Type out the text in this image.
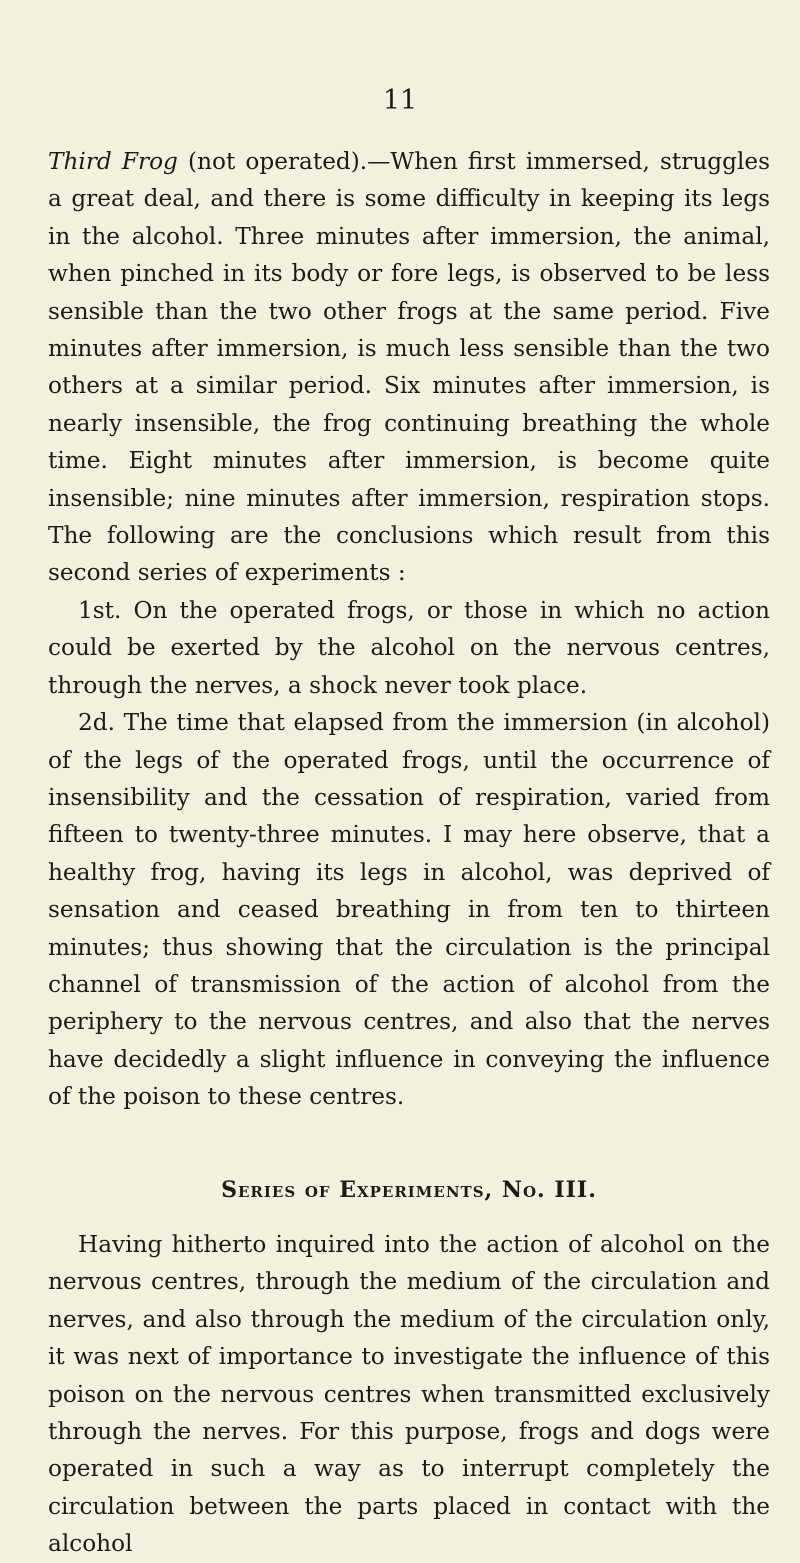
11

Third Frog (not operated).—When first immersed, struggles a great deal, and there is some difficulty in keeping its legs in the alcohol. Three minutes after immersion, the animal, when pinched in its body or fore legs, is observed to be less sensible than the two other frogs at the same period. Five minutes after immersion, is much less sensible than the two others at a similar period. Six minutes after immersion, is nearly insensible, the frog continuing breathing the whole time. Eight minutes after immersion, is become quite insensible; nine minutes after immersion, respiration stops. The following are the conclusions which result from this second series of experiments :

1st. On the operated frogs, or those in which no action could be exerted by the alcohol on the nervous centres, through the nerves, a shock never took place.

2d. The time that elapsed from the immersion (in alcohol) of the legs of the operated frogs, until the occurrence of insensibility and the cessation of respiration, varied from fifteen to twenty-three minutes. I may here observe, that a healthy frog, having its legs in alcohol, was deprived of sensation and ceased breathing in from ten to thirteen minutes; thus showing that the circulation is the principal channel of transmission of the action of alcohol from the periphery to the nervous centres, and also that the nerves have decidedly a slight influence in conveying the influence of the poison to these centres.

Series of Experiments, No. III.

Having hitherto inquired into the action of alcohol on the nervous centres, through the medium of the circulation and nerves, and also through the medium of the circulation only, it was next of importance to investigate the influence of this poison on the nervous centres when transmitted exclusively through the nerves. For this purpose, frogs and dogs were operated in such a way as to interrupt completely the circulation between the parts placed in contact with the alcohol
